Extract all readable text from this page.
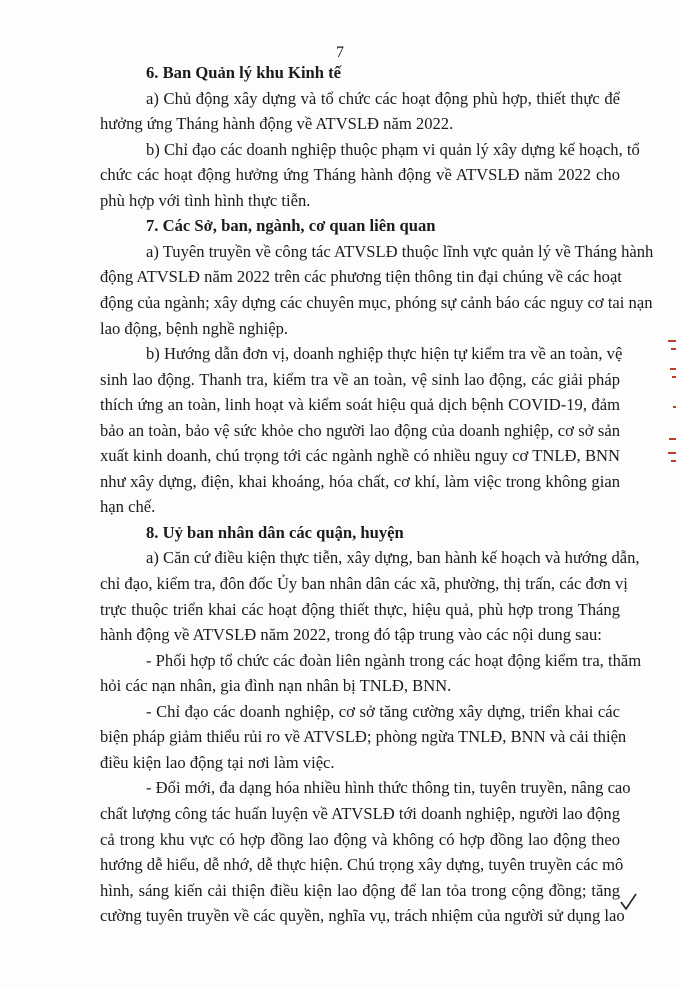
7
6. Ban Quản lý khu Kinh tế
a) Chủ động xây dựng và tổ chức các hoạt động phù hợp, thiết thực để
hưởng ứng Tháng hành động về ATVSLĐ năm 2022.
b) Chỉ đạo các doanh nghiệp thuộc phạm vi quản lý xây dựng kế hoạch, tổ
chức các hoạt động hưởng ứng Tháng hành động về ATVSLĐ năm 2022 cho
phù hợp với tình hình thực tiễn.
7. Các Sở, ban, ngành, cơ quan liên quan
a) Tuyên truyền về công tác ATVSLĐ thuộc lĩnh vực quản lý về Tháng hành
động ATVSLĐ năm 2022 trên các phương tiện thông tin đại chúng về các hoạt
động của ngành; xây dựng các chuyên mục, phóng sự cảnh báo các nguy cơ tai nạn
lao động, bệnh nghề nghiệp.
b) Hướng dẫn đơn vị, doanh nghiệp thực hiện tự kiểm tra về an toàn, vệ
sinh lao động. Thanh tra, kiểm tra về an toàn, vệ sinh lao động, các giải pháp
thích ứng an toàn, linh hoạt và kiểm soát hiệu quả dịch bệnh COVID-19, đảm
bảo an toàn, bảo vệ sức khỏe cho người lao động của doanh nghiệp, cơ sở sản
xuất kinh doanh, chú trọng tới các ngành nghề có nhiều nguy cơ TNLĐ, BNN
như xây dựng, điện, khai khoáng, hóa chất, cơ khí, làm việc trong không gian
hạn chế.
8. Uỷ ban nhân dân các quận, huyện
a) Căn cứ điều kiện thực tiễn, xây dựng, ban hành kế hoạch và hướng dẫn,
chỉ đạo, kiểm tra, đôn đốc Ủy ban nhân dân các xã, phường, thị trấn, các đơn vị
trực thuộc triển khai các hoạt động thiết thực, hiệu quả, phù hợp trong Tháng
hành động về ATVSLĐ năm 2022, trong đó tập trung vào các nội dung sau:
- Phối hợp tổ chức các đoàn liên ngành trong các hoạt động kiểm tra, thăm
hỏi các nạn nhân, gia đình nạn nhân bị TNLĐ, BNN.
- Chỉ đạo các doanh nghiệp, cơ sở tăng cường xây dựng, triển khai các
biện pháp giảm thiểu rủi ro về ATVSLĐ; phòng ngừa TNLĐ, BNN và cải thiện
điều kiện lao động tại nơi làm việc.
- Đổi mới, đa dạng hóa nhiều hình thức thông tin, tuyên truyền, nâng cao
chất lượng công tác huấn luyện về ATVSLĐ tới doanh nghiệp, người lao động
cả trong khu vực có hợp đồng lao động và không có hợp đồng lao động theo
hướng dễ hiểu, dễ nhớ, dễ thực hiện. Chú trọng xây dựng, tuyên truyền các mô
hình, sáng kiến cải thiện điều kiện lao động để lan tỏa trong cộng đồng; tăng
cường tuyên truyền về các quyền, nghĩa vụ, trách nhiệm của người sử dụng lao
